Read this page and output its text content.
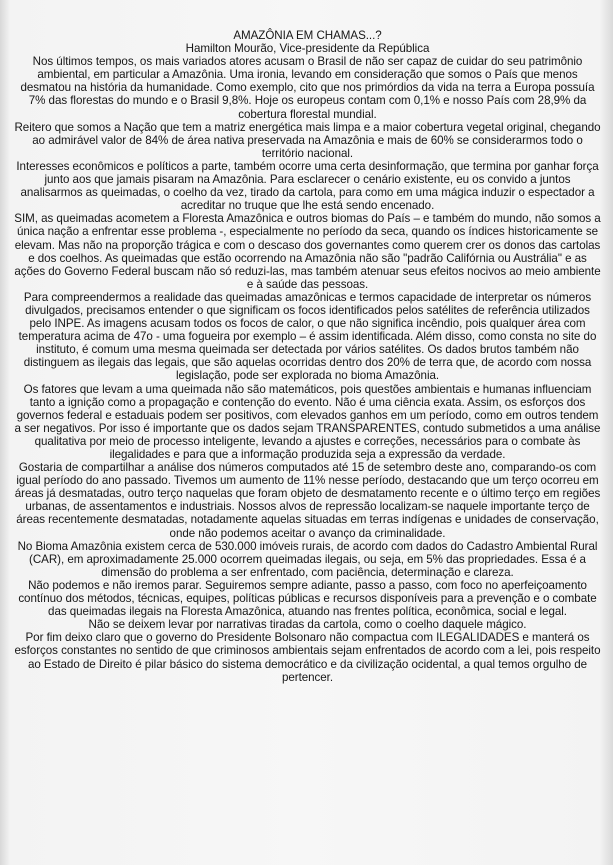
AMAZÔNIA EM CHAMAS...?

Hamilton Mourão, Vice-presidente da República

Nos últimos tempos, os mais variados atores acusam o Brasil de não ser capaz de cuidar do seu patrimônio ambiental, em particular a Amazônia. Uma ironia, levando em consideração que somos o País que menos desmatou na história da humanidade. Como exemplo, cito que nos primórdios da vida na terra a Europa possuía 7% das florestas do mundo e o Brasil 9,8%. Hoje os europeus contam com 0,1% e nosso País com 28,9% da cobertura florestal mundial.

Reitero que somos a Nação que tem a matriz energética mais limpa e a maior cobertura vegetal original, chegando ao admirável valor de 84% de área nativa preservada na Amazônia e mais de 60% se considerarmos todo o território nacional.

Interesses econômicos e políticos a parte, também ocorre uma certa desinformação, que termina por ganhar força junto aos que jamais pisaram na Amazônia. Para esclarecer o cenário existente, eu os convido a juntos analisarmos as queimadas, o coelho da vez, tirado da cartola, para como em uma mágica induzir o espectador a acreditar no truque que lhe está sendo encenado.

SIM, as queimadas acometem a Floresta Amazônica e outros biomas do País – e também do mundo, não somos a única nação a enfrentar esse problema -, especialmente no período da seca, quando os índices historicamente se elevam. Mas não na proporção trágica e com o descaso dos governantes como querem crer os donos das cartolas e dos coelhos. As queimadas que estão ocorrendo na Amazônia não são "padrão Califórnia ou Austrália" e as ações do Governo Federal buscam não só reduzi-las, mas também atenuar seus efeitos nocivos ao meio ambiente e à saúde das pessoas.

Para compreendermos a realidade das queimadas amazônicas e termos capacidade de interpretar os números divulgados, precisamos entender o que significam os focos identificados pelos satélites de referência utilizados pelo INPE. As imagens acusam todos os focos de calor, o que não significa incêndio, pois qualquer área com temperatura acima de 47o - uma fogueira por exemplo – é assim identificada. Além disso, como consta no site do instituto, é comum uma mesma queimada ser detectada por vários satélites. Os dados brutos também não distinguem as ilegais das legais, que são aquelas ocorridas dentro dos 20% de terra que, de acordo com nossa legislação, pode ser explorada no bioma Amazônia.

Os fatores que levam a uma queimada não são matemáticos, pois questões ambientais e humanas influenciam tanto a ignição como a propagação e contenção do evento. Não é uma ciência exata. Assim, os esforços dos governos federal e estaduais podem ser positivos, com elevados ganhos em um período, como em outros tendem a ser negativos. Por isso é importante que os dados sejam TRANSPARENTES, contudo submetidos a uma análise qualitativa por meio de processo inteligente, levando a ajustes e correções, necessários para o combate às ilegalidades e para que a informação produzida seja a expressão da verdade.

Gostaria de compartilhar a análise dos números computados até 15 de setembro deste ano, comparando-os com igual período do ano passado. Tivemos um aumento de 11% nesse período, destacando que um terço ocorreu em áreas já desmatadas, outro terço naquelas que foram objeto de desmatamento recente e o último terço em regiões urbanas, de assentamentos e industriais. Nossos alvos de repressão localizam-se naquele importante terço de áreas recentemente desmatadas, notadamente aquelas situadas em terras indígenas e unidades de conservação, onde não podemos aceitar o avanço da criminalidade.

No Bioma Amazônia existem cerca de 530.000 imóveis rurais, de acordo com dados do Cadastro Ambiental Rural (CAR), em aproximadamente 25.000 ocorrem queimadas ilegais, ou seja, em 5% das propriedades. Essa é a dimensão do problema a ser enfrentado, com paciência, determinação e clareza.

Não podemos e não iremos parar. Seguiremos sempre adiante, passo a passo, com foco no aperfeiçoamento contínuo dos métodos, técnicas, equipes, políticas públicas e recursos disponíveis para a prevenção e o combate das queimadas ilegais na Floresta Amazônica, atuando nas frentes política, econômica, social e legal.

Não se deixem levar por narrativas tiradas da cartola, como o coelho daquele mágico.

Por fim deixo claro que o governo do Presidente Bolsonaro não compactua com ILEGALIDADES e manterá os esforços constantes no sentido de que criminosos ambientais sejam enfrentados de acordo com a lei, pois respeito ao Estado de Direito é pilar básico do sistema democrático e da civilização ocidental, a qual temos orgulho de pertencer.
